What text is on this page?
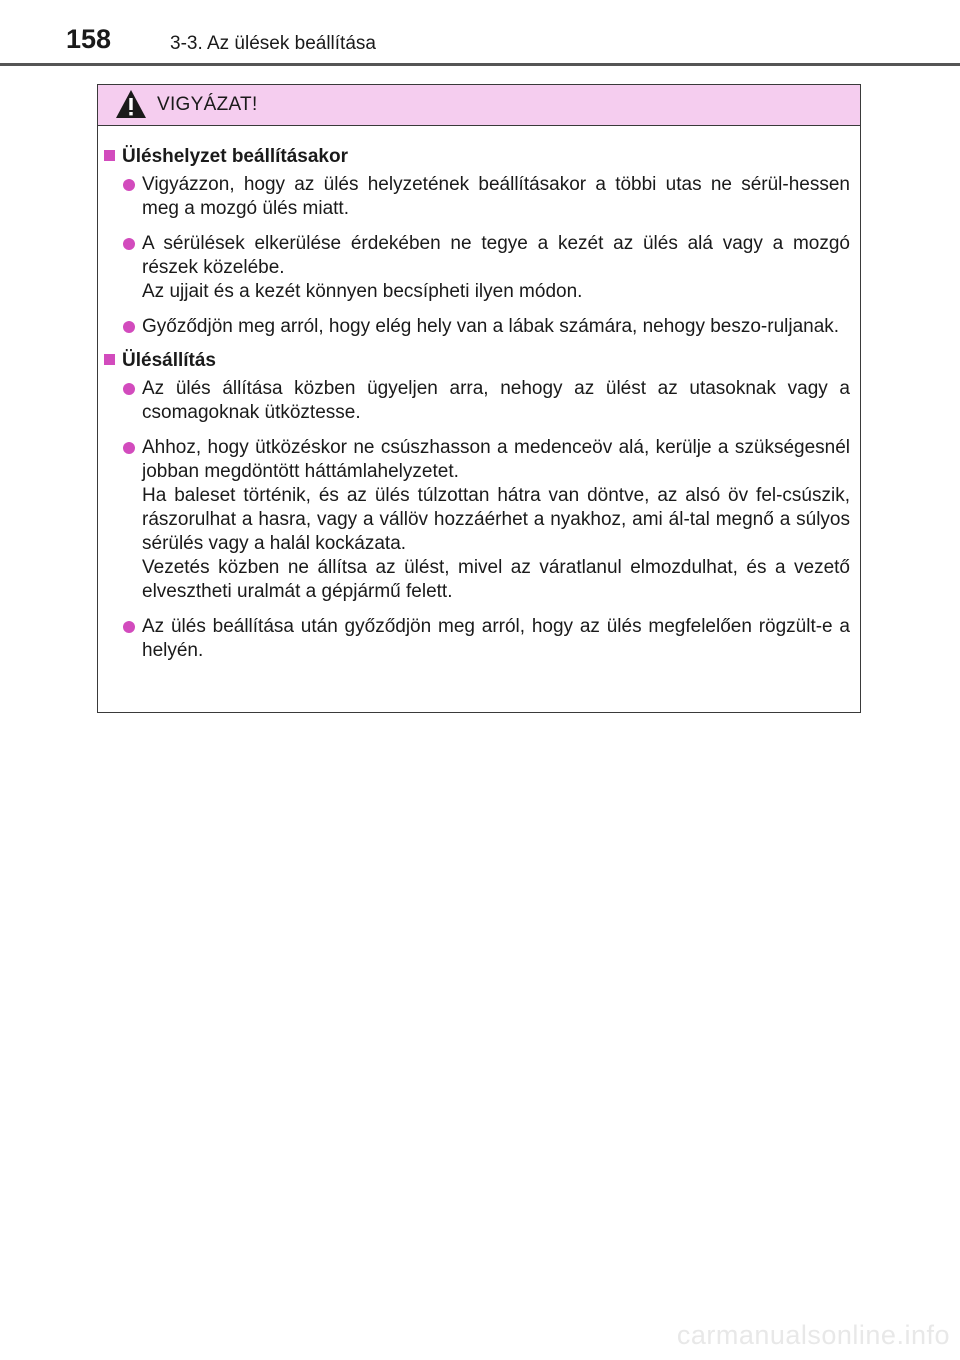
158	3-3. Az ülések beállítása
VIGYÁZAT!
Üléshelyzet beállításakor
Vigyázzon, hogy az ülés helyzetének beállításakor a többi utas ne sérül-hessen meg a mozgó ülés miatt.
A sérülések elkerülése érdekében ne tegye a kezét az ülés alá vagy a mozgó részek közelébe.
Az ujjait és a kezét könnyen becsípheti ilyen módon.
Győződjön meg arról, hogy elég hely van a lábak számára, nehogy beszo-ruljanak.
Ülésállítás
Az ülés állítása közben ügyeljen arra, nehogy az ülést az utasoknak vagy a csomagoknak ütköztesse.
Ahhoz, hogy ütközéskor ne csúszhasson a medenceöv alá, kerülje a szükségesnél jobban megdöntött háttámlahelyzetet.
Ha baleset történik, és az ülés túlzottan hátra van döntve, az alsó öv fel-csúszik, rászorulhat a hasra, vagy a vállöv hozzáérhet a nyakhoz, ami ál-tal megnő a súlyos sérülés vagy a halál kockázata.
Vezetés közben ne állítsa az ülést, mivel az váratlanul elmozdulhat, és a vezető elvesztheti uralmát a gépjármű felett.
Az ülés beállítása után győződjön meg arról, hogy az ülés megfelelően rögzült-e a helyén.
carmanualsonline.info
